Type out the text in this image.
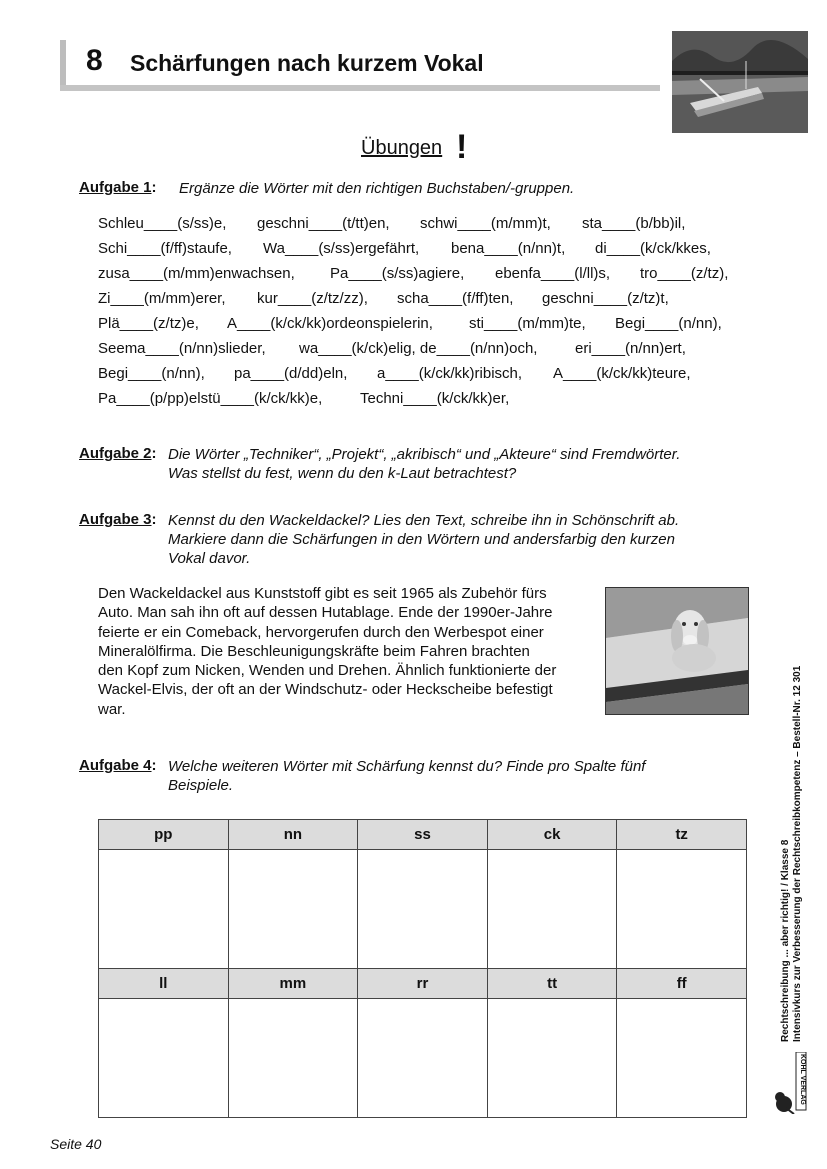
8 Schärfungen nach kurzem Vokal
Übungen !
Aufgabe 1: Ergänze die Wörter mit den richtigen Buchstaben/-gruppen.
Schleu____(s/ss)e, geschni____(t/tt)en, schwi____(m/mm)t, sta____(b/bb)il,
Schi____(f/ff)staufe, Wa____(s/ss)ergefährt, bena____(n/nn)t, di____(k/ck/kkes,
zusa____(m/mm)enwachsen, Pa____(s/ss)agiere, ebenfa____(l/ll)s, tro____(z/tz),
Zi____(m/mm)erer, kur____(z/tz/zz), scha____(f/ff)ten, geschni____(z/tz)t,
Plä____(z/tz)e, A____(k/ck/kk)ordeonspielerin, sti____(m/mm)te, Begi____(n/nn),
Seema____(n/nn)slieder, wa____(k/ck)elig, de____(n/nn)och,	eri____(n/nn)ert,
Begi____(n/nn), pa____(d/dd)eln, a____(k/ck/kk)ribisch, A____(k/ck/kk)teure,
Pa____(p/pp)elstü____(k/ck/kk)e,	Techni____(k/ck/kk)er,
Aufgabe 2: Die Wörter „Techniker“, „Projekt“, „akribisch“ und „Akteure“ sind Fremdwörter.
Was stellst du fest, wenn du den k-Laut betrachtest?
Aufgabe 3: Kennst du den Wackeldackel? Lies den Text, schreibe ihn in Schönschrift ab.
Markiere dann die Schärfungen in den Wörtern und andersfarbig den kurzen
Vokal davor.
Den Wackeldackel aus Kunststoff gibt es seit 1965 als Zubehör fürs
Auto. Man sah ihn oft auf dessen Hutablage. Ende der 1990er-Jahre
feierte er ein Comeback, hervorgerufen durch den Werbespot einer
Mineralölfirma. Die Beschleunigungskräfte beim Fahren brachten
den Kopf zum Nicken, Wenden und Drehen. Ähnlich funktionierte der
Wackel-Elvis, der oft an der Windschutz- oder Heckscheibe befestigt
war.
Aufgabe 4: Welche weiteren Wörter mit Schärfung kennst du? Finde pro Spalte fünf
Beispiele.
pp	nn	ss	ck	tz

ll	mm	rr	tt	ff
					Rechtschreibung ... aber richtig! / Klasse 8 Intensivkurs zur Verbesserung der Rechtschreibkompetenz – Bestell-Nr. 12 301
KOHL VERLAG
Seite 40
